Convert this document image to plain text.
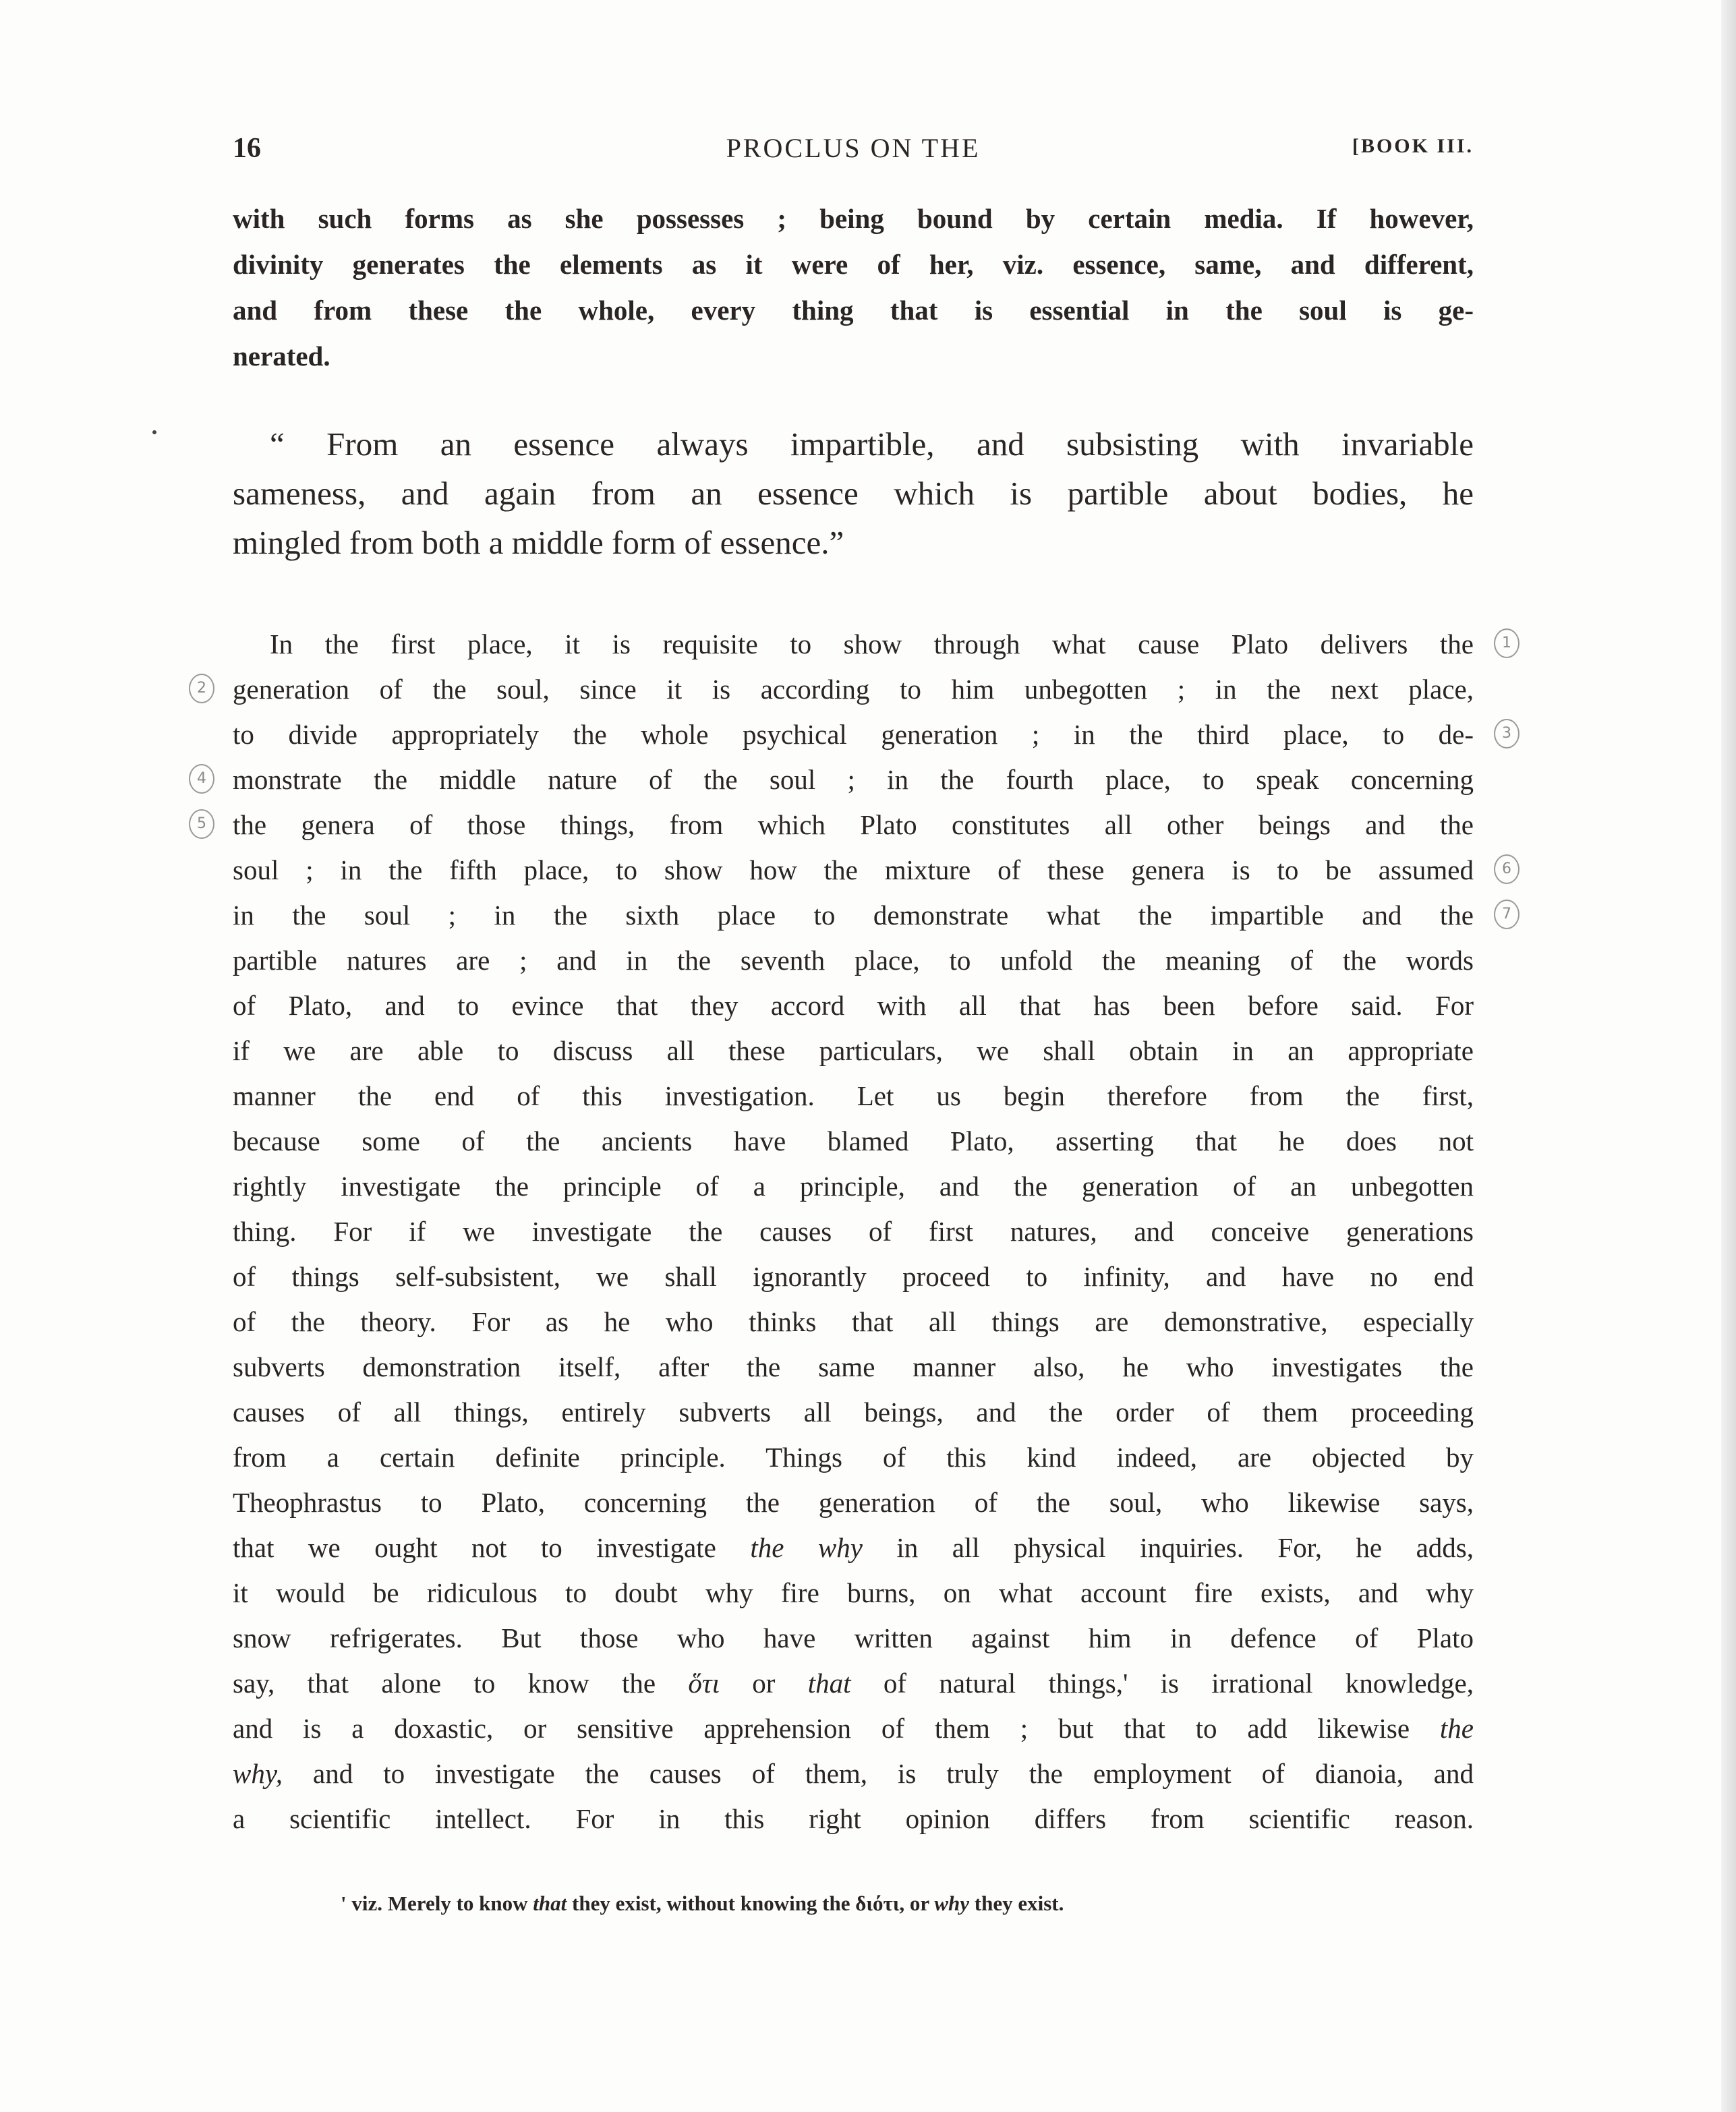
16	PROCLUS ON THE	[BOOK III.
with such forms as she possesses ; being bound by certain media. If however,
divinity generates the elements as it were of her, viz. essence, same, and different,
and from these the whole, every thing that is essential in the soul is ge-
nerated.
“ From an essence always impartible, and subsisting with invariable
sameness, and again from an essence which is partible about bodies, he
mingled from both a middle form of essence.”
In the first place, it is requisite to show through what cause Plato delivers the
generation of the soul, since it is according to him unbegotten ; in the next place,
to divide appropriately the whole psychical generation ; in the third place, to de-
monstrate the middle nature of the soul ; in the fourth place, to speak concerning
the genera of those things, from which Plato constitutes all other beings and the
soul ; in the fifth place, to show how the mixture of these genera is to be assumed
in the soul ; in the sixth place to demonstrate what the impartible and the
partible natures are ; and in the seventh place, to unfold the meaning of the words
of Plato, and to evince that they accord with all that has been before said. For
if we are able to discuss all these particulars, we shall obtain in an appropriate
manner the end of this investigation. Let us begin therefore from the first,
because some of the ancients have blamed Plato, asserting that he does not
rightly investigate the principle of a principle, and the generation of an unbegotten
thing. For if we investigate the causes of first natures, and conceive generations
of things self-subsistent, we shall ignorantly proceed to infinity, and have no end
of the theory. For as he who thinks that all things are demonstrative, especially
subverts demonstration itself, after the same manner also, he who investigates the
causes of all things, entirely subverts all beings, and the order of them proceeding
from a certain definite principle. Things of this kind indeed, are objected by
Theophrastus to Plato, concerning the generation of the soul, who likewise says,
that we ought not to investigate the why in all physical inquiries. For, he adds,
it would be ridiculous to doubt why fire burns, on what account fire exists, and why
snow refrigerates. But those who have written against him in defence of Plato
say, that alone to know the ὅτι or that of natural things,' is irrational knowledge,
and is a doxastic, or sensitive apprehension of them ; but that to add likewise the
why, and to investigate the causes of them, is truly the employment of dianoia, and
a scientific intellect. For in this right opinion differs from scientific reason.
' viz. Merely to know that they exist, without knowing the διότι, or why they exist.
1
2
3
4
5
6
7
